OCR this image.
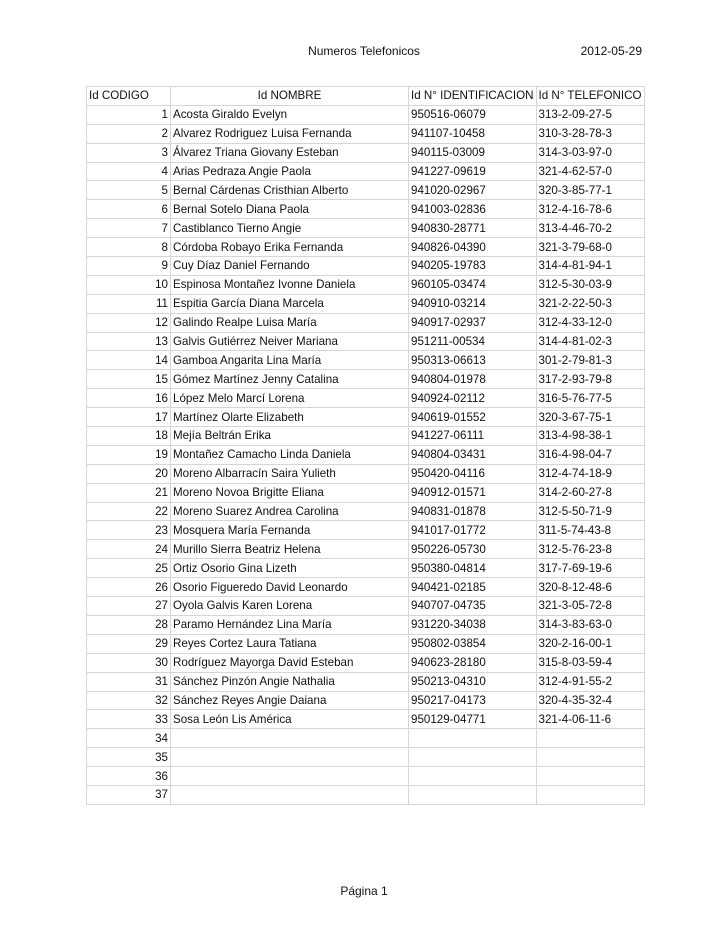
Numeros Telefonicos	2012-05-29
Id CODIGO	Id NOMBRE	Id N° IDENTIFICACION	Id N° TELEFONICO
1	Acosta Giraldo Evelyn	950516-06079	313-2-09-27-5
2	Alvarez Rodriguez Luisa Fernanda	941107-10458	310-3-28-78-3
3	Álvarez Triana Giovany Esteban	940115-03009	314-3-03-97-0
4	Arias Pedraza Angie Paola	941227-09619	321-4-62-57-0
5	Bernal Cárdenas Cristhian Alberto	941020-02967	320-3-85-77-1
6	Bernal Sotelo Diana Paola	941003-02836	312-4-16-78-6
7	Castiblanco Tierno Angie	940830-28771	313-4-46-70-2
8	Córdoba Robayo Erika Fernanda	940826-04390	321-3-79-68-0
9	Cuy Díaz Daniel Fernando	940205-19783	314-4-81-94-1
10	Espinosa Montañez Ivonne Daniela	960105-03474	312-5-30-03-9
11	Espitia García Diana Marcela	940910-03214	321-2-22-50-3
12	Galindo Realpe Luisa María	940917-02937	312-4-33-12-0
13	Galvis Gutiérrez Neiver Mariana	951211-00534	314-4-81-02-3
14	Gamboa Angarita Lina María	950313-06613	301-2-79-81-3
15	Gómez Martínez Jenny Catalina	940804-01978	317-2-93-79-8
16	López Melo Marcí Lorena	940924-02112	316-5-76-77-5
17	Martínez Olarte Elizabeth	940619-01552	320-3-67-75-1
18	Mejía Beltrán Erika	941227-06111	313-4-98-38-1
19	Montañez Camacho Linda Daniela	940804-03431	316-4-98-04-7
20	Moreno Albarracín Saira Yulieth	950420-04116	312-4-74-18-9
21	Moreno Novoa Brigitte Eliana	940912-01571	314-2-60-27-8
22	Moreno Suarez Andrea Carolina	940831-01878	312-5-50-71-9
23	Mosquera María Fernanda	941017-01772	311-5-74-43-8
24	Murillo Sierra Beatriz Helena	950226-05730	312-5-76-23-8
25	Ortiz Osorio Gina Lizeth	950380-04814	317-7-69-19-6
26	Osorio Figueredo David Leonardo	940421-02185	320-8-12-48-6
27	Oyola Galvis Karen Lorena	940707-04735	321-3-05-72-8
28	Paramo Hernández Lina María	931220-34038	314-3-83-63-0
29	Reyes Cortez Laura Tatiana	950802-03854	320-2-16-00-1
30	Rodríguez Mayorga David Esteban	940623-28180	315-8-03-59-4
31	Sánchez Pinzón Angie Nathalia	950213-04310	312-4-91-55-2
32	Sánchez Reyes Angie Daiana	950217-04173	320-4-35-32-4
33	Sosa León Lis América	950129-04771	321-4-06-11-6
34			
35			
36			
37			
Página 1
